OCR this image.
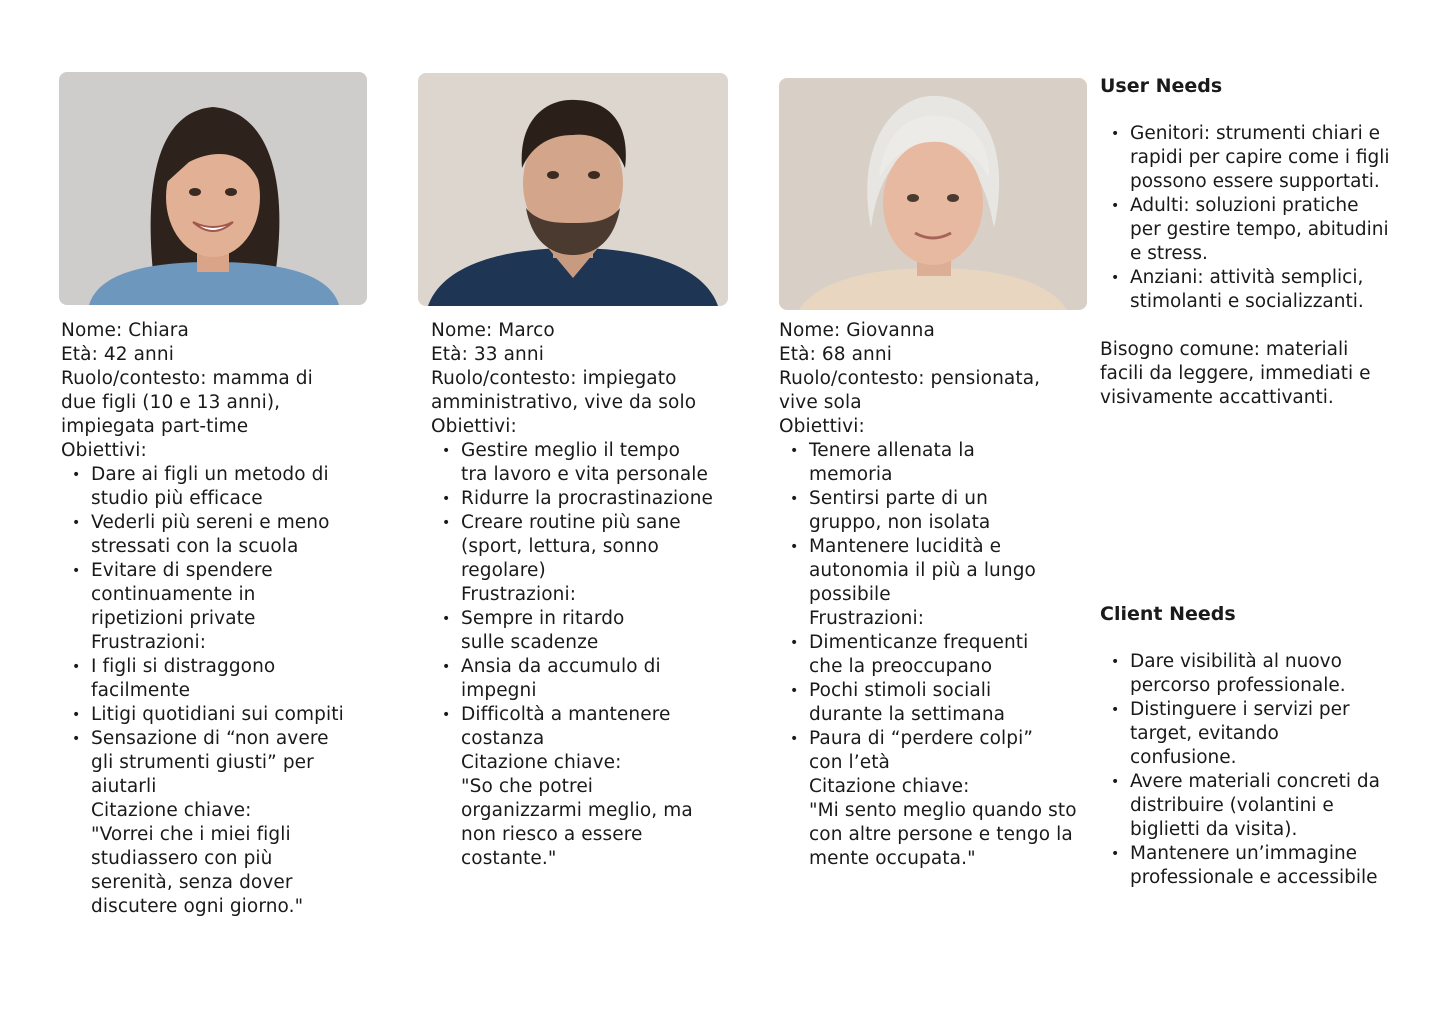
Nome: Chiara
Età: 42 anni
Ruolo/contesto: mamma di
due figli (10 e 13 anni),
impiegata part-time
Obiettivi:
• Dare ai figli un metodo di studio più efficace
• Vederli più sereni e meno stressati con la scuola
• Evitare di spendere continuamente in ripetizioni private
Frustrazioni:
• I figli si distraggono facilmente
• Litigi quotidiani sui compiti
• Sensazione di “non avere gli strumenti giusti” per aiutarli
Citazione chiave:
"Vorrei che i miei figli studiassero con più serenità, senza dover discutere ogni giorno."
Nome: Marco
Età: 33 anni
Ruolo/contesto: impiegato
amministrativo, vive da solo
Obiettivi:
• Gestire meglio il tempo tra lavoro e vita personale
• Ridurre la procrastinazione
• Creare routine più sane (sport, lettura, sonno regolare)
Frustrazioni:
• Sempre in ritardo sulle scadenze
• Ansia da accumulo di impegni
• Difficoltà a mantenere costanza
Citazione chiave:
"So che potrei organizzarmi meglio, ma non riesco a essere costante."
Nome: Giovanna
Età: 68 anni
Ruolo/contesto: pensionata,
vive sola
Obiettivi:
• Tenere allenata la memoria
• Sentirsi parte di un gruppo, non isolata
• Mantenere lucidità e autonomia il più a lungo possibile
Frustrazioni:
• Dimenticanze frequenti che la preoccupano
• Pochi stimoli sociali durante la settimana
• Paura di “perdere colpi” con l’età
Citazione chiave:
"Mi sento meglio quando sto con altre persone e tengo la mente occupata."
User Needs
• Genitori: strumenti chiari e rapidi per capire come i figli possono essere supportati.
• Adulti: soluzioni pratiche per gestire tempo, abitudini e stress.
• Anziani: attività semplici, stimolanti e socializzanti.

Bisogno comune: materiali facili da leggere, immediati e visivamente accattivanti.

Client Needs
• Dare visibilità al nuovo percorso professionale.
• Distinguere i servizi per target, evitando confusione.
• Avere materiali concreti da distribuire (volantini e biglietti da visita).
• Mantenere un’immagine professionale e accessibile
